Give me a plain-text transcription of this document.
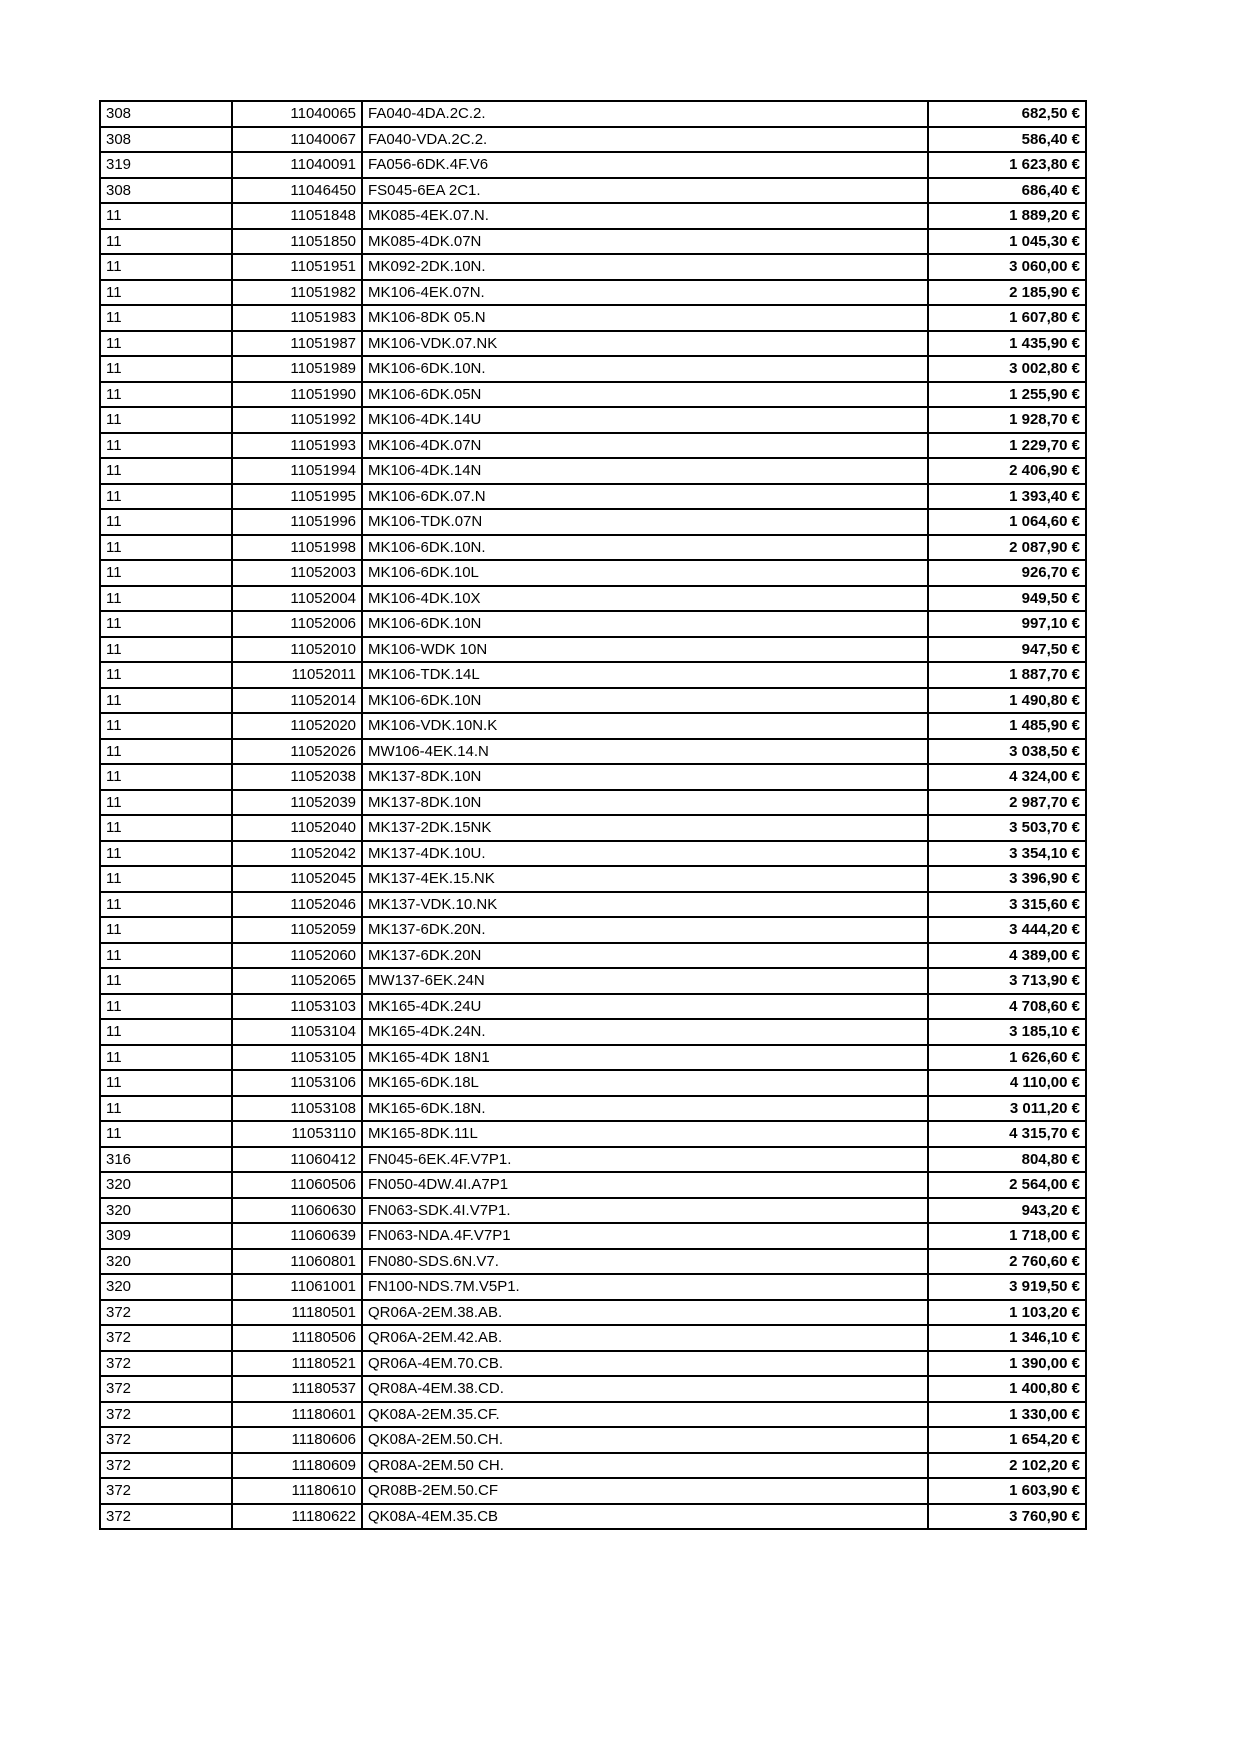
308	11040065	FA040-4DA.2C.2.	682,50 €
308	11040067	FA040-VDA.2C.2.	586,40 €
319	11040091	FA056-6DK.4F.V6	1 623,80 €
308	11046450	FS045-6EA 2C1.	686,40 €
11	11051848	MK085-4EK.07.N.	1 889,20 €
11	11051850	MK085-4DK.07N	1 045,30 €
11	11051951	MK092-2DK.10N.	3 060,00 €
11	11051982	MK106-4EK.07N.	2 185,90 €
11	11051983	MK106-8DK 05.N	1 607,80 €
11	11051987	MK106-VDK.07.NK	1 435,90 €
11	11051989	MK106-6DK.10N.	3 002,80 €
11	11051990	MK106-6DK.05N	1 255,90 €
11	11051992	MK106-4DK.14U	1 928,70 €
11	11051993	MK106-4DK.07N	1 229,70 €
11	11051994	MK106-4DK.14N	2 406,90 €
11	11051995	MK106-6DK.07.N	1 393,40 €
11	11051996	MK106-TDK.07N	1 064,60 €
11	11051998	MK106-6DK.10N.	2 087,90 €
11	11052003	MK106-6DK.10L	926,70 €
11	11052004	MK106-4DK.10X	949,50 €
11	11052006	MK106-6DK.10N	997,10 €
11	11052010	MK106-WDK 10N	947,50 €
11	11052011	MK106-TDK.14L	1 887,70 €
11	11052014	MK106-6DK.10N	1 490,80 €
11	11052020	MK106-VDK.10N.K	1 485,90 €
11	11052026	MW106-4EK.14.N	3 038,50 €
11	11052038	MK137-8DK.10N	4 324,00 €
11	11052039	MK137-8DK.10N	2 987,70 €
11	11052040	MK137-2DK.15NK	3 503,70 €
11	11052042	MK137-4DK.10U.	3 354,10 €
11	11052045	MK137-4EK.15.NK	3 396,90 €
11	11052046	MK137-VDK.10.NK	3 315,60 €
11	11052059	MK137-6DK.20N.	3 444,20 €
11	11052060	MK137-6DK.20N	4 389,00 €
11	11052065	MW137-6EK.24N	3 713,90 €
11	11053103	MK165-4DK.24U	4 708,60 €
11	11053104	MK165-4DK.24N.	3 185,10 €
11	11053105	MK165-4DK 18N1	1 626,60 €
11	11053106	MK165-6DK.18L	4 110,00 €
11	11053108	MK165-6DK.18N.	3 011,20 €
11	11053110	MK165-8DK.11L	4 315,70 €
316	11060412	FN045-6EK.4F.V7P1.	804,80 €
320	11060506	FN050-4DW.4I.A7P1	2 564,00 €
320	11060630	FN063-SDK.4I.V7P1.	943,20 €
309	11060639	FN063-NDA.4F.V7P1	1 718,00 €
320	11060801	FN080-SDS.6N.V7.	2 760,60 €
320	11061001	FN100-NDS.7M.V5P1.	3 919,50 €
372	11180501	QR06A-2EM.38.AB.	1 103,20 €
372	11180506	QR06A-2EM.42.AB.	1 346,10 €
372	11180521	QR06A-4EM.70.CB.	1 390,00 €
372	11180537	QR08A-4EM.38.CD.	1 400,80 €
372	11180601	QK08A-2EM.35.CF.	1 330,00 €
372	11180606	QK08A-2EM.50.CH.	1 654,20 €
372	11180609	QR08A-2EM.50 CH.	2 102,20 €
372	11180610	QR08B-2EM.50.CF	1 603,90 €
372	11180622	QK08A-4EM.35.CB	3 760,90 €
